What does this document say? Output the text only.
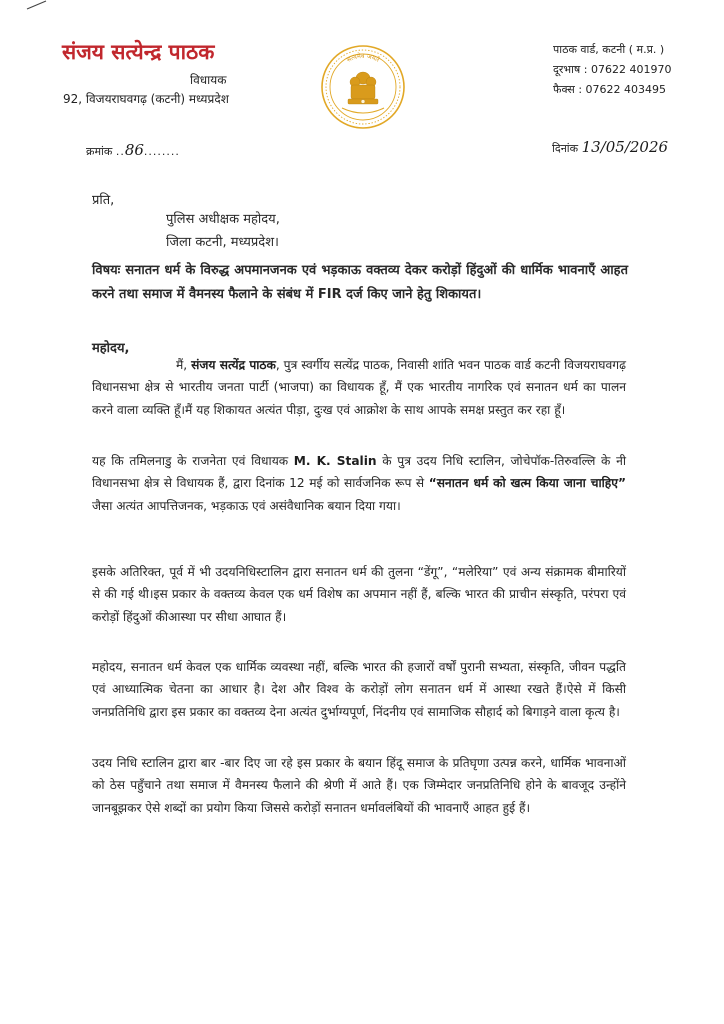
संजय सत्येन्द्र पाठक
विधायक
92, विजयराघवगढ़ (कटनी) मध्यप्रदेश
सत्यमेव जयते
पाठक वार्ड, कटनी ( म.प्र. )
दूरभाष : 07622 401970
फैक्स : 07622 403495
क्रमांक ..86........	दिनांक 13/05/2026
प्रति,
पुलिस अधीक्षक महोदय,
जिला कटनी, मध्यप्रदेश।
विषयः सनातन धर्म के विरुद्ध अपमानजनक एवं भड़काऊ वक्तव्य देकर करोड़ों हिंदुओं की धार्मिक भावनाएँ आहत करने तथा समाज में वैमनस्य फैलाने के संबंध में FIR दर्ज किए जाने हेतु शिकायत।
महोदय,
मैं, संजय सत्येंद्र पाठक, पुत्र स्वर्गीय सत्येंद्र पाठक, निवासी शांति भवन पाठक वार्ड कटनी विजयराघवगढ़ विधानसभा क्षेत्र से भारतीय जनता पार्टी (भाजपा) का विधायक हूँ, मैं एक भारतीय नागरिक एवं सनातन धर्म का पालन करने वाला व्यक्ति हूँ।मैं यह शिकायत अत्यंत पीड़ा, दुःख एवं आक्रोश के साथ आपके समक्ष प्रस्तुत कर रहा हूँ।
यह कि तमिलनाडु के राजनेता एवं विधायक M. K. Stalin के पुत्र उदय निधि स्टालिन, जोचेपॉक-तिरुवल्लि के नी विधानसभा क्षेत्र से विधायक हैं, द्वारा दिनांक 12 मई को सार्वजनिक रूप से “सनातन धर्म को खत्म किया जाना चाहिए” जैसा अत्यंत आपत्तिजनक, भड़काऊ एवं असंवैधानिक बयान दिया गया।
इसके अतिरिक्त, पूर्व में भी उदयनिधिस्टालिन द्वारा सनातन धर्म की तुलना “डेंगू”, “मलेरिया” एवं अन्य संक्रामक बीमारियों से की गई थी।इस प्रकार के वक्तव्य केवल एक धर्म विशेष का अपमान नहीं हैं, बल्कि भारत की प्राचीन संस्कृति, परंपरा एवं करोड़ों हिंदुओं कीआस्था पर सीधा आघात हैं।
महोदय, सनातन धर्म केवल एक धार्मिक व्यवस्था नहीं, बल्कि भारत की हजारों वर्षों पुरानी सभ्यता, संस्कृति, जीवन पद्धति एवं आध्यात्मिक चेतना का आधार है। देश और विश्व के करोड़ों लोग सनातन धर्म में आस्था रखते हैं।ऐसे में किसी जनप्रतिनिधि द्वारा इस प्रकार का वक्तव्य देना अत्यंत दुर्भाग्यपूर्ण, निंदनीय एवं सामाजिक सौहार्द को बिगाड़ने वाला कृत्य है।
उदय निधि स्टालिन द्वारा बार -बार दिए जा रहे इस प्रकार के बयान हिंदू समाज के प्रतिघृणा उत्पन्न करने, धार्मिक भावनाओं को ठेस पहुँचाने तथा समाज में वैमनस्य फैलाने की श्रेणी में आते हैं। एक जिम्मेदार जनप्रतिनिधि होने के बावजूद उन्होंने जानबूझकर ऐसे शब्दों का प्रयोग किया जिससे करोड़ों सनातन धर्मावलंबियों की भावनाएँ आहत हुई हैं।
